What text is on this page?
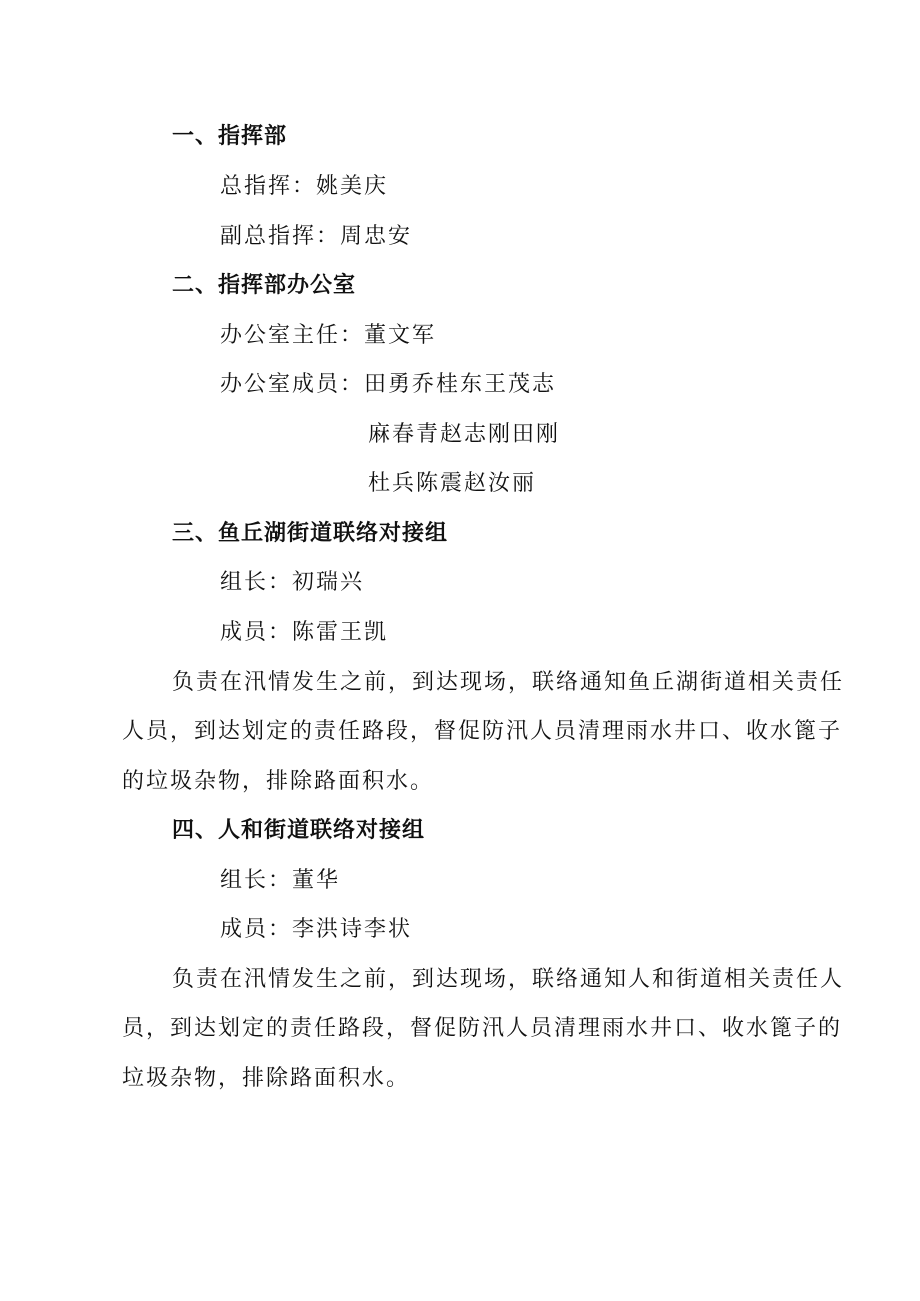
一、指挥部
总指挥：姚美庆
副总指挥：周忠安
二、指挥部办公室
办公室主任：董文军
办公室成员：田勇乔桂东王茂志
麻春青赵志刚田刚
杜兵陈震赵汝丽
三、鱼丘湖街道联络对接组
组长：初瑞兴
成员：陈雷王凯
负责在汛情发生之前，到达现场，联络通知鱼丘湖街道相关责任
人员，到达划定的责任路段，督促防汛人员清理雨水井口、收水篦子
的垃圾杂物，排除路面积水。
四、人和街道联络对接组
组长：董华
成员：李洪诗李状
负责在汛情发生之前，到达现场，联络通知人和街道相关责任人
员，到达划定的责任路段，督促防汛人员清理雨水井口、收水篦子的
垃圾杂物，排除路面积水。
